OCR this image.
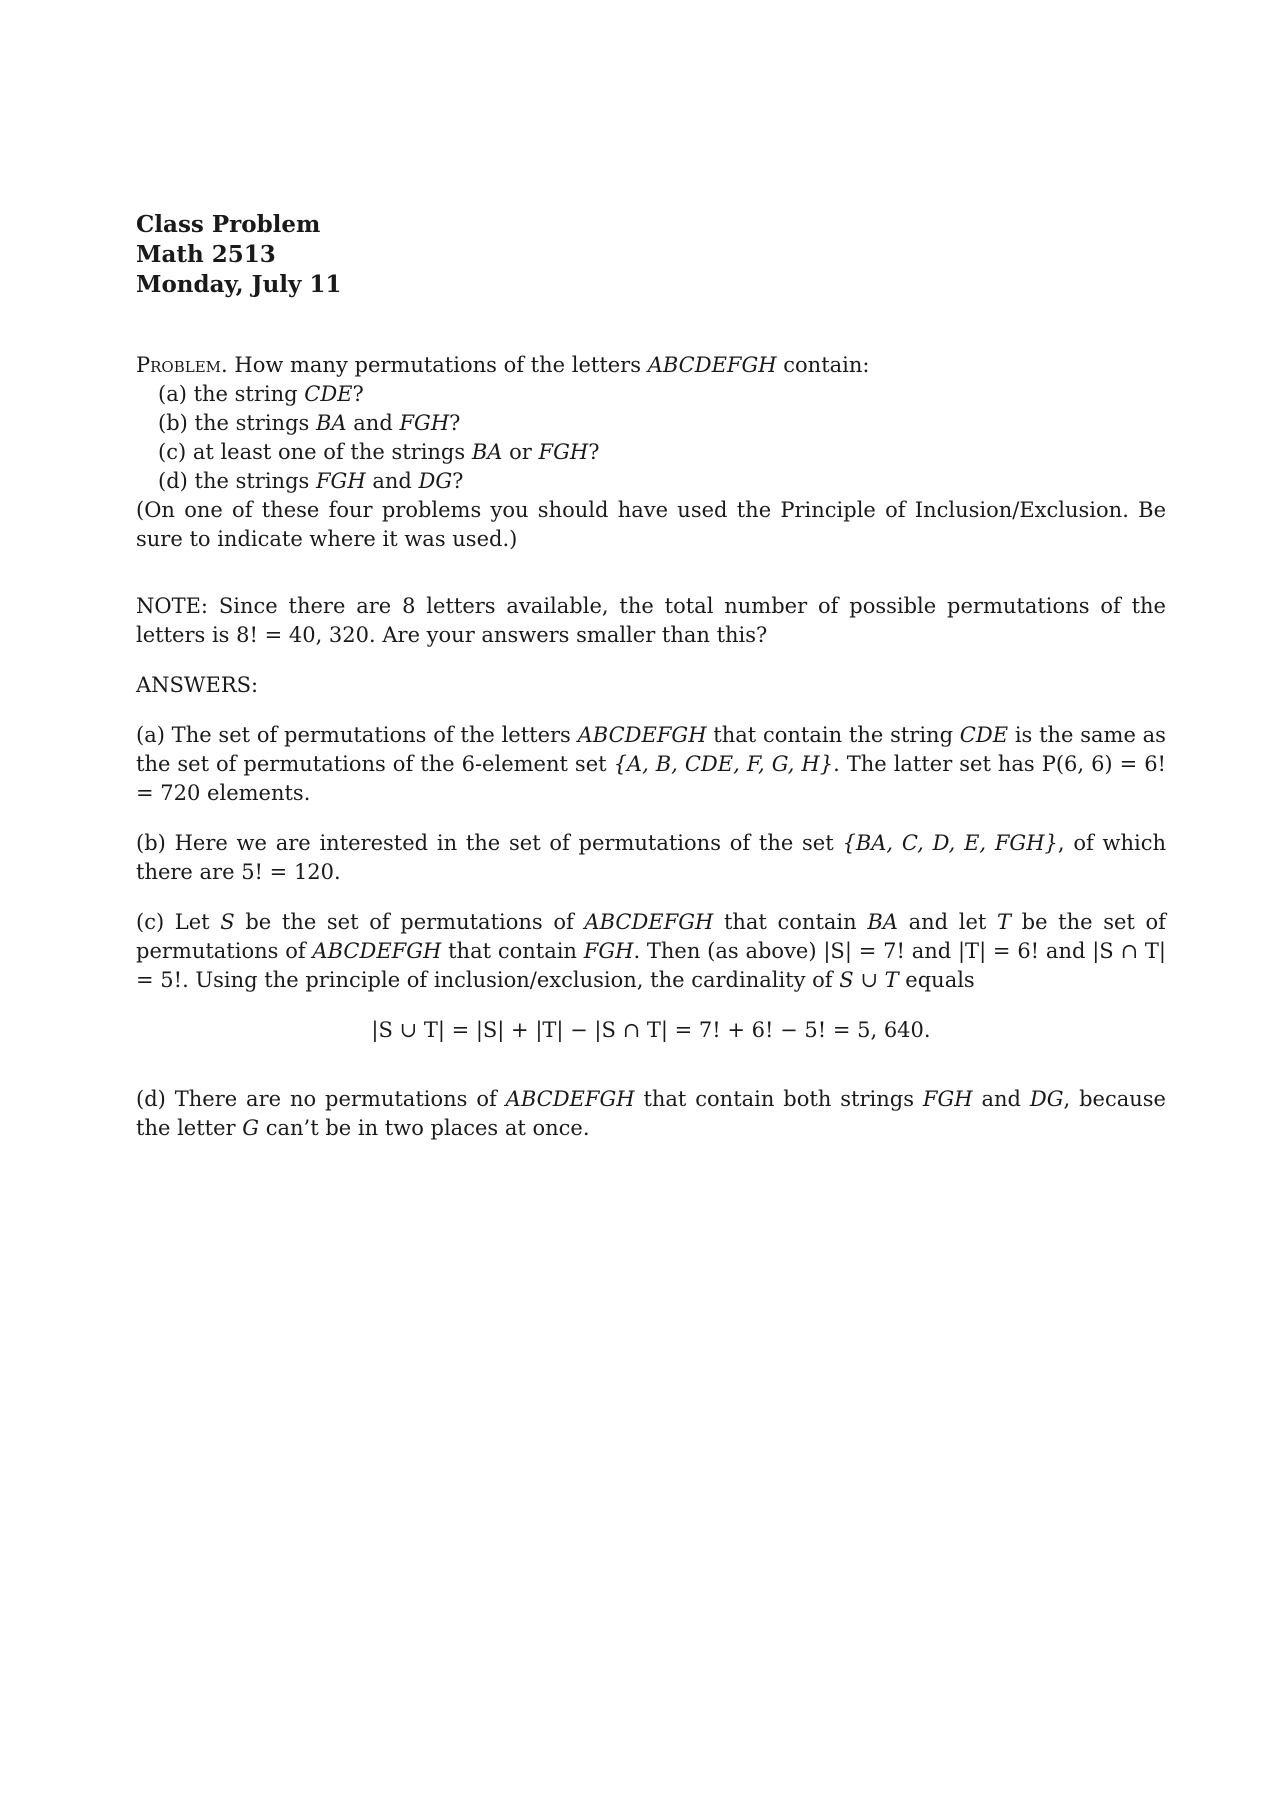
Class Problem
Math 2513
Monday, July 11

Problem. How many permutations of the letters ABCDEFGH contain:

(a) the string CDE?

(b) the strings BA and FGH?

(c) at least one of the strings BA or FGH?

(d) the strings FGH and DG?

(On one of these four problems you should have used the Principle of Inclusion/Exclusion. Be sure to indicate where it was used.)

NOTE: Since there are 8 letters available, the total number of possible permutations of the letters is 8! = 40, 320. Are your answers smaller than this?

ANSWERS:

(a) The set of permutations of the letters ABCDEFGH that contain the string CDE is the same as the set of permutations of the 6-element set {A, B, CDE, F, G, H}. The latter set has P(6, 6) = 6! = 720 elements.

(b) Here we are interested in the set of permutations of the set {BA, C, D, E, FGH}, of which there are 5! = 120.

(c) Let S be the set of permutations of ABCDEFGH that contain BA and let T be the set of permutations of ABCDEFGH that contain FGH. Then (as above) |S| = 7! and |T| = 6! and |S ∩ T| = 5!. Using the principle of inclusion/exclusion, the cardinality of S ∪ T equals

|S ∪ T| = |S| + |T| − |S ∩ T| = 7! + 6! − 5! = 5, 640.

(d) There are no permutations of ABCDEFGH that contain both strings FGH and DG, because the letter G can’t be in two places at once.
